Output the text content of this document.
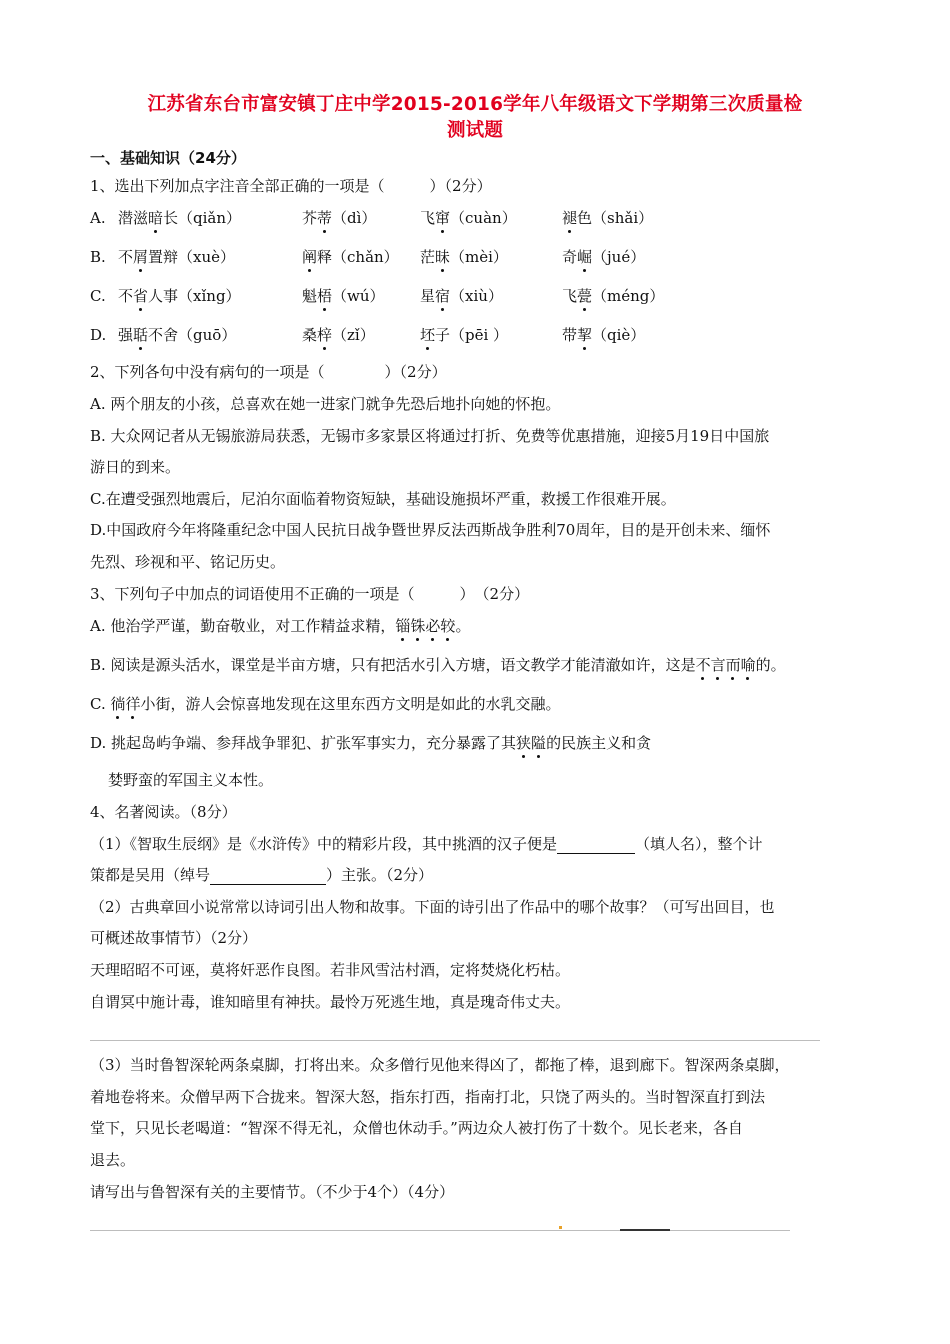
江苏省东台市富安镇丁庄中学2015-2016学年八年级语文下学期第三次质量检
测试题
一、基础知识（24分）
1、选出下列加点字注音全部正确的一项是（　　　）（2分）
A. 潜滋暗长（qiǎn）	芥蒂（dì）	飞窜（cuàn）	褪色（shǎi）
B. 不屑置辩（xuè）	阐释（chǎn） 茫昧（mèi）	奇崛（jué）
C. 不省人事（xǐng）	魁梧（wú） 星宿（xiù）	飞甍（méng）
D. 强聒不舍（guō）	桑梓（zǐ）	坯子（pēi ）	带挈（qiè）
2、下列各句中没有病句的一项是（　　　　）（2分）
A. 两个朋友的小孩，总喜欢在她一进家门就争先恐后地扑向她的怀抱。
B. 大众网记者从无锡旅游局获悉，无锡市多家景区将通过打折、免费等优惠措施，迎接5月19日中国旅
游日的到来。
C.在遭受强烈地震后，尼泊尔面临着物资短缺，基础设施损坏严重，救援工作很难开展。
D.中国政府今年将隆重纪念中国人民抗日战争暨世界反法西斯战争胜利70周年，目的是开创未来、缅怀
先烈、珍视和平、铭记历史。
3、下列句子中加点的词语使用不正确的一项是（　　　）　（2分）
A. 他治学严谨，勤奋敬业，对工作精益求精，锱铢必较。
B. 阅读是源头活水，课堂是半亩方塘，只有把活水引入方塘，语文教学才能清澈如许，这是不言而喻的。
C. 徜徉小街，游人会惊喜地发现在这里东西方文明是如此的水乳交融。
D. 挑起岛屿争端、参拜战争罪犯、扩张军事实力，充分暴露了其狭隘的民族主义和贪
婪野蛮的军国主义本性。
4、名著阅读。（8分）
（1）《智取生辰纲》是《水浒传》中的精彩片段，其中挑酒的汉子便是	（填人名），整个计
策都是吴用（绰号	）主张。（2分）
（2）古典章回小说常常以诗词引出人物和故事。下面的诗引出了作品中的哪个故事？（可写出回目，也
可概述故事情节）（2分）
天理昭昭不可诬，莫将奸恶作良图。若非风雪沽村酒，定将焚烧化朽枯。
自谓冥中施计毒，谁知暗里有神扶。最怜万死逃生地，真是瑰奇伟丈夫。
（3）当时鲁智深轮两条桌脚，打将出来。众多僧行见他来得凶了，都拖了棒，退到廊下。智深两条桌脚，
着地卷将来。众僧早两下合拢来。智深大怒，指东打西，指南打北，只饶了两头的。当时智深直打到法
堂下，只见长老喝道：“智深不得无礼，众僧也休动手。”两边众人被打伤了十数个。见长老来，各自
退去。
请写出与鲁智深有关的主要情节。（不少于4个）（4分）
